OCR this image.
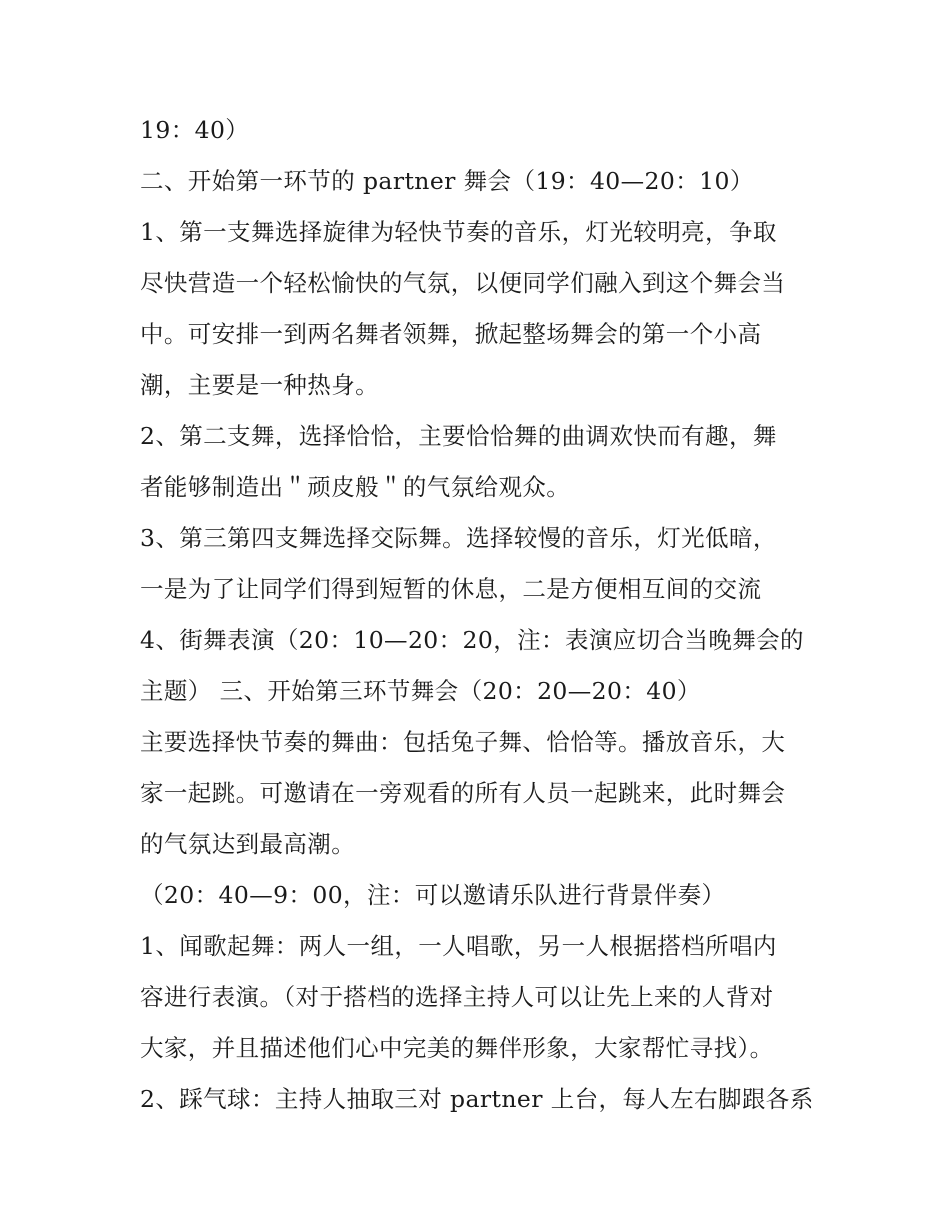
19：40）
二、开始第一环节的 partner 舞会（19：40—20：10）
1、第一支舞选择旋律为轻快节奏的音乐，灯光较明亮，争取
尽快营造一个轻松愉快的气氛，以便同学们融入到这个舞会当
中。可安排一到两名舞者领舞，掀起整场舞会的第一个小高
潮，主要是一种热身。
2、第二支舞，选择恰恰，主要恰恰舞的曲调欢快而有趣，舞
者能够制造出＂顽皮般＂的气氛给观众。
3、第三第四支舞选择交际舞。选择较慢的音乐，灯光低暗，
一是为了让同学们得到短暂的休息，二是方便相互间的交流
4、街舞表演（20：10—20：20，注：表演应切合当晚舞会的
主题） 三、开始第三环节舞会（20：20—20：40）
主要选择快节奏的舞曲：包括兔子舞、恰恰等。播放音乐，大
家一起跳。可邀请在一旁观看的所有人员一起跳来，此时舞会
的气氛达到最高潮。
（20：40—9：00，注：可以邀请乐队进行背景伴奏）
1、闻歌起舞：两人一组，一人唱歌，另一人根据搭档所唱内
容进行表演。（对于搭档的选择主持人可以让先上来的人背对
大家，并且描述他们心中完美的舞伴形象，大家帮忙寻找）。
2、踩气球：主持人抽取三对 partner 上台，每人左右脚跟各系
